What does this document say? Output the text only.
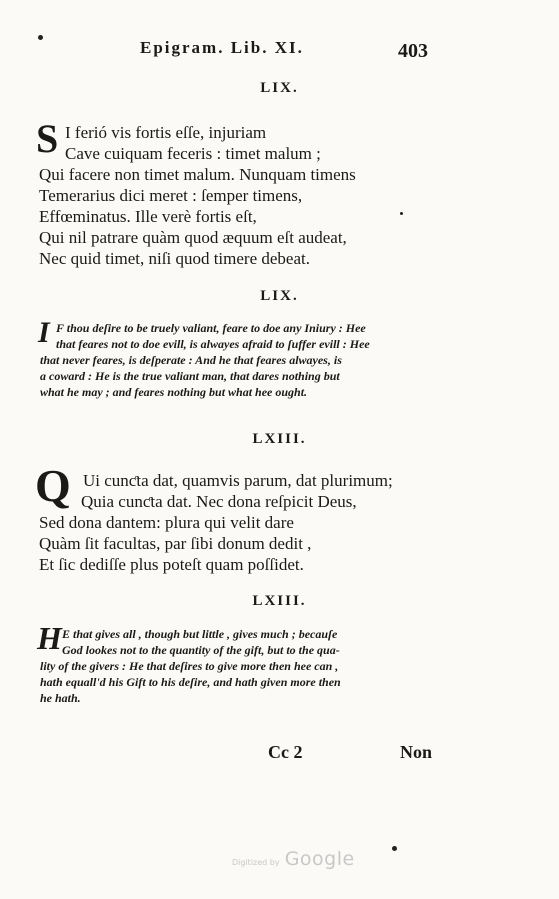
Epigram. Lib. XI.	403
LIX.
S I ferió vis fortis eſſe, injuriam
Cave cuiquam feceris : timet malum ;
Qui facere non timet malum. Nunquam timens
Temerarius dici meret : ſemper timens,
Effœminatus. Ille verè fortis eſt,
Qui nil patrare quàm quod æquum eſt audeat,
Nec quid timet, niſi quod timere debeat.
LIX.
I F thou deſire to be truely valiant, feare to doe any Iniury : Hee
that feares not to doe evill, is alwayes afraid to ſuffer evill : Hee
that never feares, is deſperate : And he that feares alwayes, is
a coward : He is the true valiant man, that dares nothing but
what he may ; and feares nothing but what hee ought.
LXIII.
Q Ui cunƈta dat, quamvis parum, dat plurimum;
Quia cunƈta dat. Nec dona reſpicit Deus,
Sed dona dantem: plura qui velit dare
Quàm ſit facultas, par ſibi donum dedit ,
Et ſic dediſſe plus poteſt quam poſſidet.
LXIII.
H E that gives all , though but little , gives much ; becauſe
God lookes not to the quantity of the gift, but to the qua-
lity of the givers : He that deſires to give more then hee can ,
hath equall'd his Gift to his deſire, and hath given more then
he hath.
Cc 2	Non
Digitized by Google
